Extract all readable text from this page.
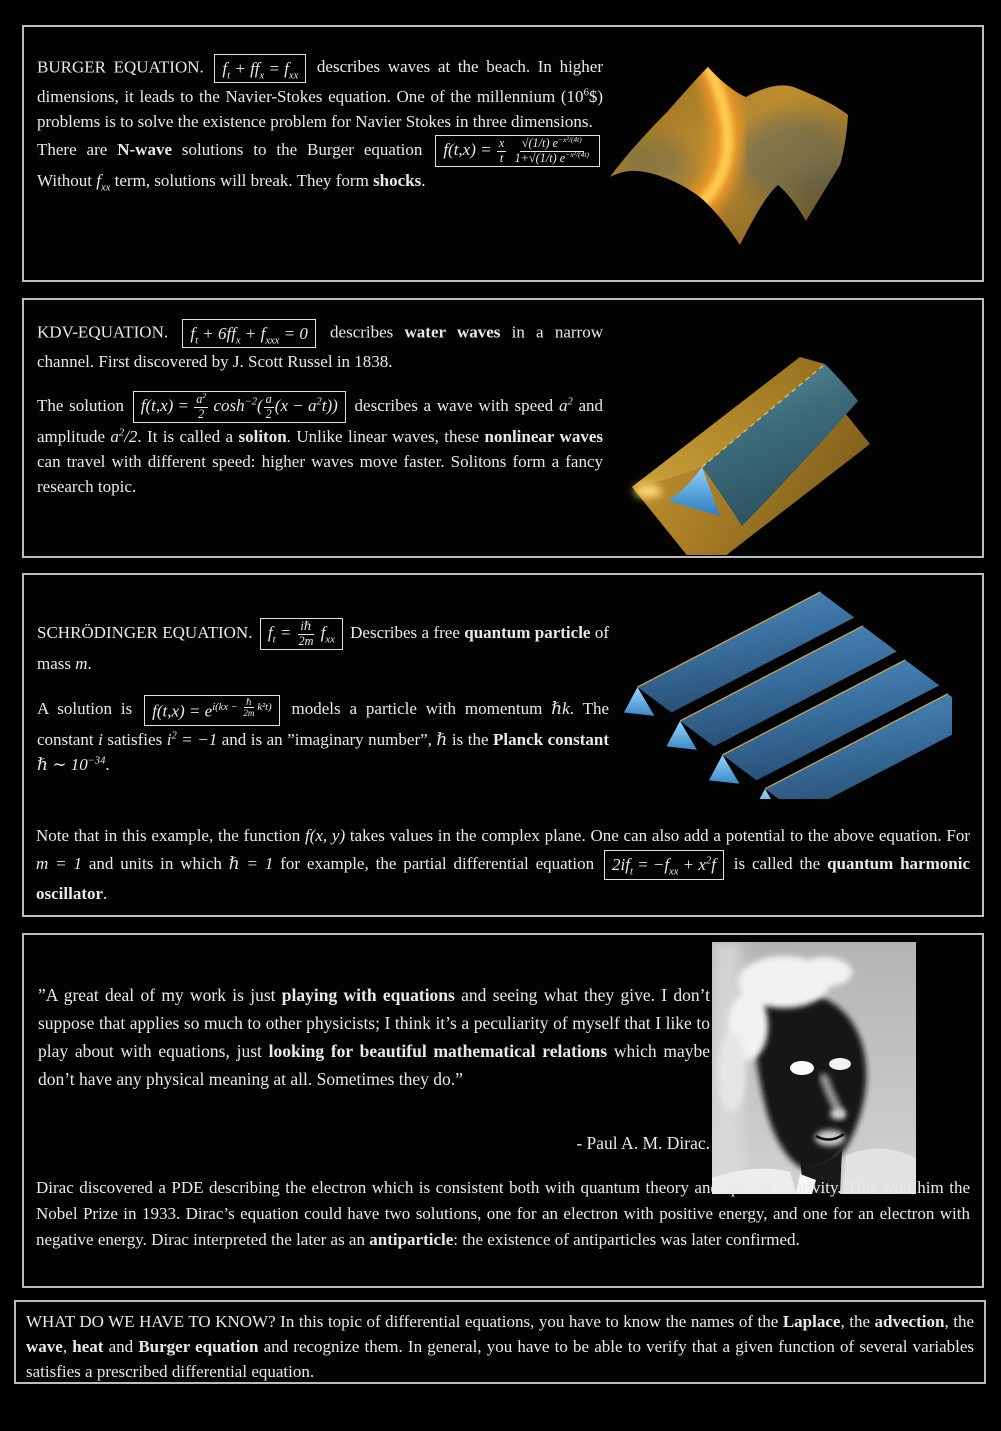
BURGER EQUATION. $f_t + ff_x = f_{xx}$ describes waves at the beach. In higher dimensions, it leads to the Navier-Stokes equation. One of the millennium $(10^6\$)$ problems is to solve the existence problem for Navier Stokes in three dimensions.

There are N-wave solutions to the Burger equation $f(t,x) = \frac{x}{t}$
$\frac{√(1/t) e^{-x^2/(4t)}}{1+√(1/t) e^{-x^2/(4t)}}$
Without $f_{xx}$ term, solutions will break. They form shocks.

KDV-EQUATION. $f_t + 6ff_x + f_{xxx} = 0$ describes water waves in a narrow channel. First discovered by J. Scott Russel in 1838.

The solution $f(t,x) = \frac{a^2}{2} \cosh^{-2}( \frac{a}{2} (x - a^2t))$ describes a wave with speed $a^2$ and amplitude $a^2/2$. It is called a soliton. Unlike linear waves, these nonlinear waves can travel with different speed: higher waves move faster. Solitons form a fancy research topic.

SCHRÖDINGER EQUATION. $f_t = \frac{\text{iℏ}}{2m} f_{xx}$ Describes a free quantum particle of mass m.

A solution is $f(t,x) = e^{i(kx - \frac{\text{ℏ}}{2m} k^2t)}$ models a particle with momentum ℏk. The constant i satisfies $i^2 = -1$ and is an ”imaginary number”, ℏ is the Planck constant ℏ ∼ $10^{-34}$.

Note that in this example, the function f(x, y) takes values in the complex plane. One can also add a potential to the above equation. For m = 1 and units in which ℏ = 1 for example, the partial differential equation $2if_t = -f_{xx} + x^2f$ is called the quantum harmonic oscillator.

”A great deal of my work is just playing with equations and seeing what they give. I don’t suppose that applies so much to other physicists; I think it’s a peculiarity of myself that I like to play about with equations, just looking for beautiful mathematical relations which maybe don’t have any physical meaning at all. Sometimes they do.”

- Paul A. M. Dirac.

Dirac discovered a PDE describing the electron which is consistent both with quantum theory and special relativity. This won him the Nobel Prize in 1933. Dirac’s equation could have two solutions, one for an electron with positive energy, and one for an electron with negative energy. Dirac interpreted the later as an antiparticle: the existence of antiparticles was later confirmed.

WHAT DO WE HAVE TO KNOW? In this topic of differential equations, you have to know the names of the Laplace, the advection, the wave, heat and Burger equation and recognize them. In general, you have to be able to verify that a given function of several variables satisfies a prescribed differential equation.
